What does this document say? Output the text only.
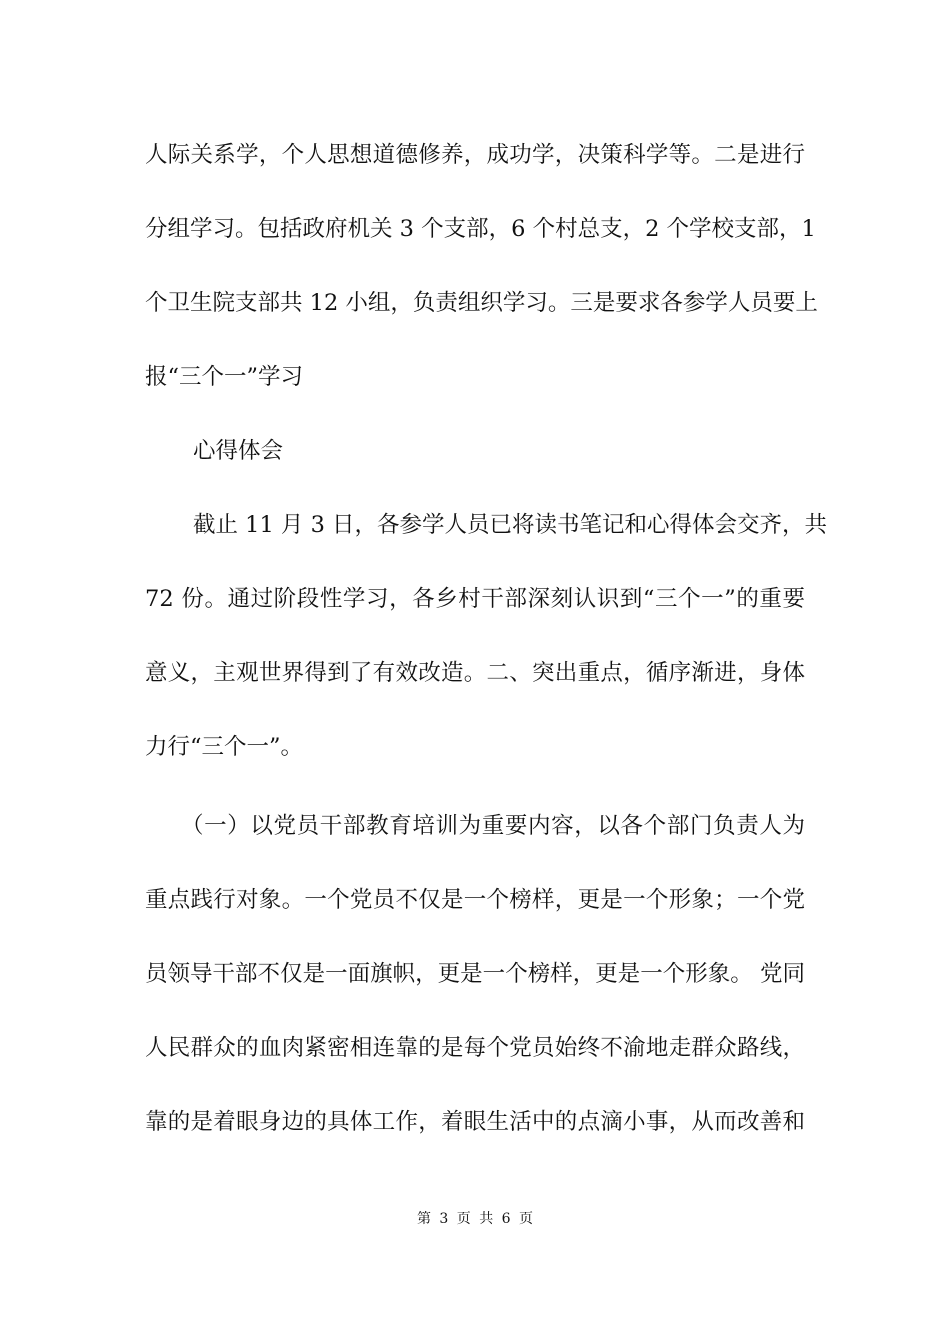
人际关系学，个人思想道德修养，成功学，决策科学等。二是进行
分组学习。包括政府机关 3 个支部，6 个村总支，2 个学校支部，1
个卫生院支部共 12 小组，负责组织学习。三是要求各参学人员要上
报“三个一”学习
心得体会
截止 11 月 3 日，各参学人员已将读书笔记和心得体会交齐，共
72 份。通过阶段性学习，各乡村干部深刻认识到“三个一”的重要
意义，主观世界得到了有效改造。二、突出重点，循序渐进，身体
力行“三个一”。
（一）以党员干部教育培训为重要内容，以各个部门负责人为
重点践行对象。一个党员不仅是一个榜样，更是一个形象；一个党
员领导干部不仅是一面旗帜，更是一个榜样，更是一个形象。 党同
人民群众的血肉紧密相连靠的是每个党员始终不渝地走群众路线，
靠的是着眼身边的具体工作，着眼生活中的点滴小事，从而改善和
第 3 页 共 6 页
